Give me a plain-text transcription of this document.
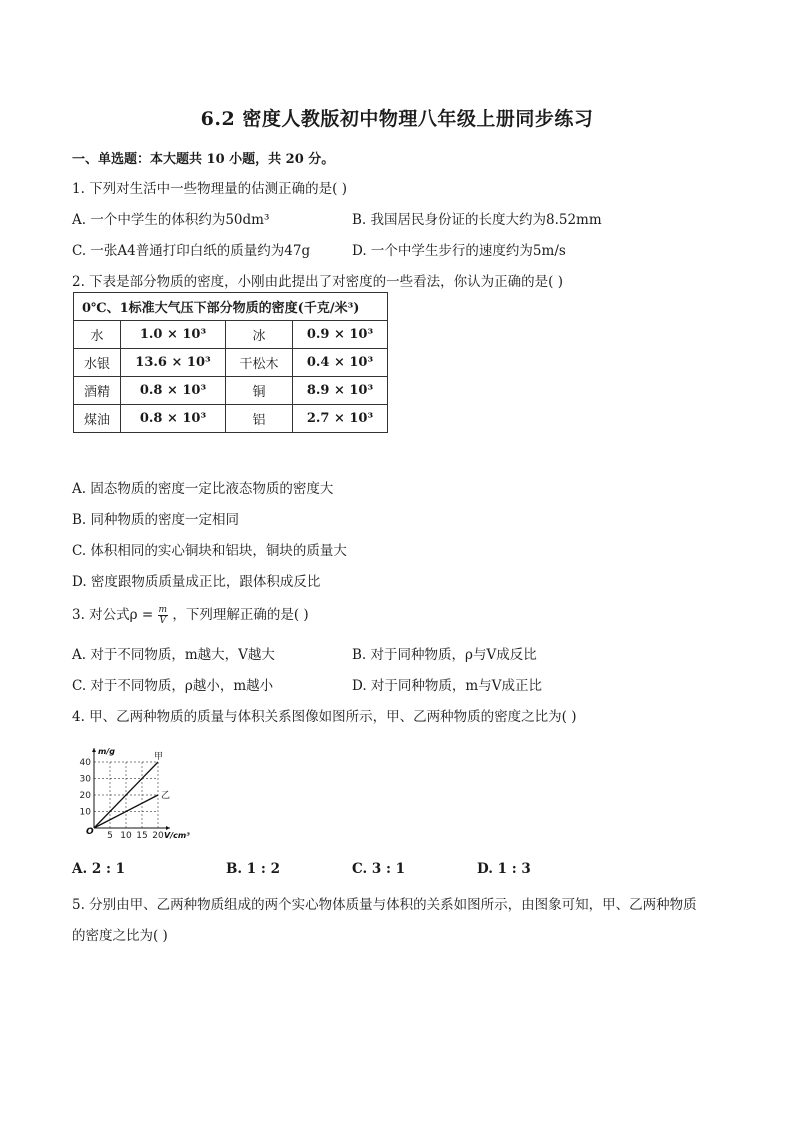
6.2 密度人教版初中物理八年级上册同步练习
一、单选题：本大题共 10 小题，共 20 分。
1. 下列对生活中一些物理量的估测正确的是( )
A. 一个中学生的体积约为50dm³	B. 我国居民身份证的长度大约为8.52mm
C. 一张A4普通打印白纸的质量约为47g	D. 一个中学生步行的速度约为5m/s
2. 下表是部分物质的密度，小刚由此提出了对密度的一些看法，你认为正确的是( )
0℃、1标准大气压下部分物质的密度(千克/米³)			
水	1.0 × 10³	冰	0.9 × 10³
水银	13.6 × 10³	干松木	0.4 × 10³
酒精	0.8 × 10³	铜	8.9 × 10³
煤油	0.8 × 10³	铝	2.7 × 10³
A. 固态物质的密度一定比液态物质的密度大
B. 同种物质的密度一定相同
C. 体积相同的实心铜块和铝块，铜块的质量大
D. 密度跟物质质量成正比，跟体积成反比
3. 对公式$\rho = \frac{m}{V}$ ，下列理解正确的是( )
A. 对于不同物质，m越大，V越大	B. 对于同种物质，ρ与V成反比
C. 对于不同物质，ρ越小，m越小	D. 对于同种物质，m与V成正比
4. 甲、乙两种物质的质量与体积关系图像如图所示，甲、乙两种物质的密度之比为( )
5 10 15 20
10
20
30
40
O
m/g
V/cm³
甲
乙
A. 2 : 1	B. 1 : 2	C. 3 : 1	D. 1 : 3
5. 分别由甲、乙两种物质组成的两个实心物体质量与体积的关系如图所示，由图象可知，甲、乙两种物质
的密度之比为( )
